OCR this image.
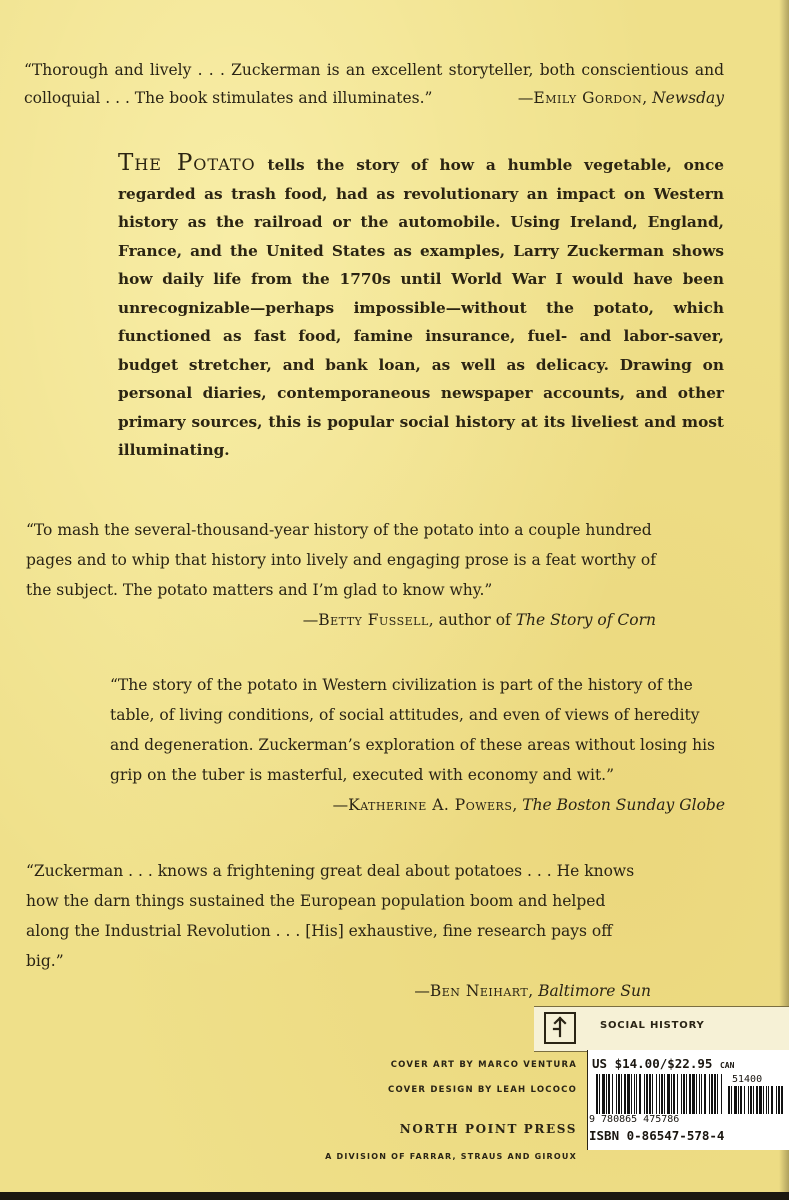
“Thorough and lively . . . Zuckerman is an excellent storyteller, both conscientious and colloquial . . . The book stimulates and illuminates.”	—Emily Gordon, Newsday

The Potato tells the story of how a humble vegetable, once regarded as trash food, had as revolutionary an impact on Western history as the railroad or the automobile. Using Ireland, England, France, and the United States as examples, Larry Zuckerman shows how daily life from the 1770s until World War I would have been unrecognizable—perhaps impossible—without the potato, which functioned as fast food, famine insurance, fuel- and labor-saver, budget stretcher, and bank loan, as well as delicacy. Drawing on personal diaries, contemporaneous newspaper accounts, and other primary sources, this is popular social history at its liveliest and most illuminating.

“To mash the several-thousand-year history of the potato into a couple hundred pages and to whip that history into lively and engaging prose is a feat worthy of the subject. The potato matters and I’m glad to know why.”
—Betty Fussell, author of The Story of Corn
“The story of the potato in Western civilization is part of the history of the table, of living conditions, of social attitudes, and even of views of heredity and degeneration. Zuckerman’s exploration of these areas without losing his grip on the tuber is masterful, executed with economy and wit.”
—Katherine A. Powers, The Boston Sunday Globe
“Zuckerman . . . knows a frightening great deal about potatoes . . . He knows how the darn things sustained the European population boom and helped along the Industrial Revolution . . . [His] exhaustive, fine research pays off big.”
—Ben Neihart, Baltimore Sun
SOCIAL HISTORY
COVER ART BY MARCO VENTURA
COVER DESIGN BY LEAH LOCOCO
NORTH POINT PRESS
A DIVISION OF FARRAR, STRAUS AND GIROUX
US $14.00/$22.95 CAN
51400
9 780865 475786
ISBN 0-86547-578-4
